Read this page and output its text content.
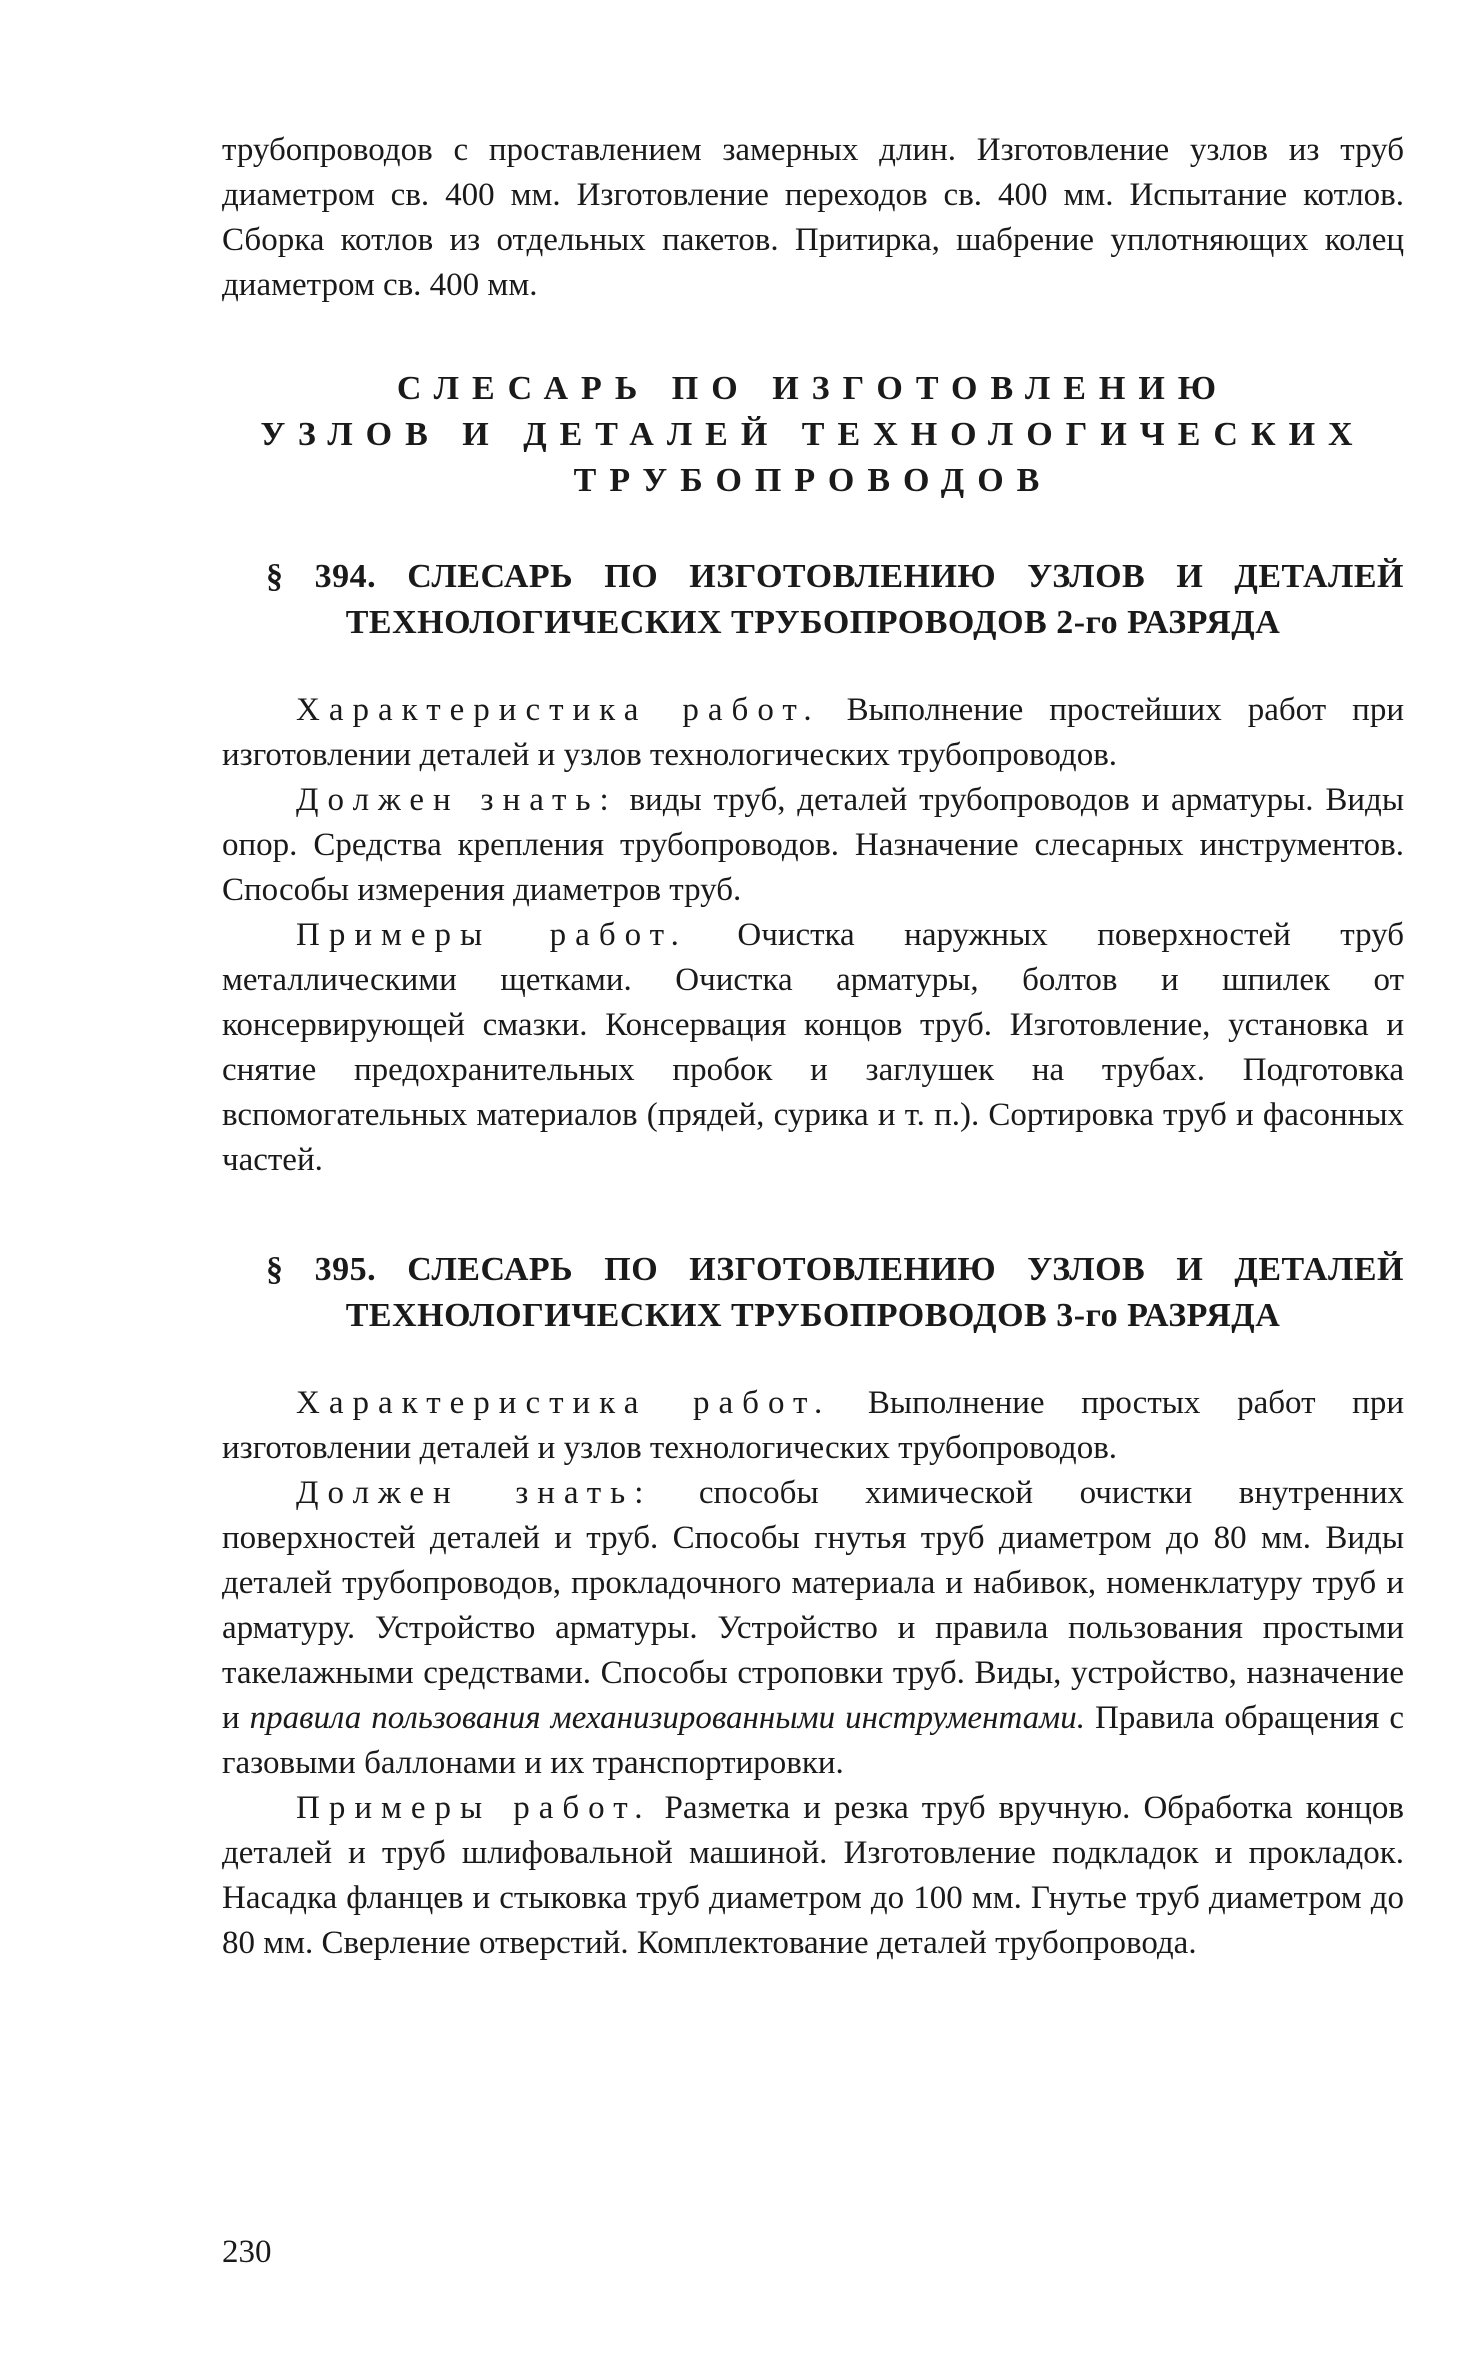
трубопроводов с проставлением замерных длин. Изготовление узлов из труб диаметром св. 400 мм. Изготовление переходов св. 400 мм. Испытание котлов. Сборка котлов из отдельных пакетов. Притирка, шабрение уплотняющих колец диаметром св. 400 мм.

СЛЕСАРЬ ПО ИЗГОТОВЛЕНИЮ
УЗЛОВ И ДЕТАЛЕЙ ТЕХНОЛОГИЧЕСКИХ
ТРУБОПРОВОДОВ
§ 394. СЛЕСАРЬ ПО ИЗГОТОВЛЕНИЮ УЗЛОВ И ДЕТАЛЕЙ
ТЕХНОЛОГИЧЕСКИХ ТРУБОПРОВОДОВ 2-го РАЗРЯДА

Характеристика работ. Выполнение простейших работ при изготовлении деталей и узлов технологических трубопроводов.

Должен знать: виды труб, деталей трубопроводов и арматуры. Виды опор. Средства крепления трубопроводов. Назначение слесарных инструментов. Способы измерения диаметров труб.

Примеры работ. Очистка наружных поверхностей труб металлическими щетками. Очистка арматуры, болтов и шпилек от консервирующей смазки. Консервация концов труб. Изготовление, установка и снятие предохранительных пробок и заглушек на трубах. Подготовка вспомогательных материалов (прядей, сурика и т. п.). Сортировка труб и фасонных частей.

§ 395. СЛЕСАРЬ ПО ИЗГОТОВЛЕНИЮ УЗЛОВ И ДЕТАЛЕЙ
ТЕХНОЛОГИЧЕСКИХ ТРУБОПРОВОДОВ 3-го РАЗРЯДА

Характеристика работ. Выполнение простых работ при изготовлении деталей и узлов технологических трубопроводов.

Должен знать: способы химической очистки внутренних поверхностей деталей и труб. Способы гнутья труб диаметром до 80 мм. Виды деталей трубопроводов, прокладочного материала и набивок, номенклатуру труб и арматуру. Устройство арматуры. Устройство и правила пользования простыми такелажными средствами. Способы строповки труб. Виды, устройство, назначение и правила пользования механизированными инструментами. Правила обращения с газовыми баллонами и их транспортировки.

Примеры работ. Разметка и резка труб вручную. Обработка концов деталей и труб шлифовальной машиной. Изготовление подкладок и прокладок. Насадка фланцев и стыковка труб диаметром до 100 мм. Гнутье труб диаметром до 80 мм. Сверление отверстий. Комплектование деталей трубопровода.

230
